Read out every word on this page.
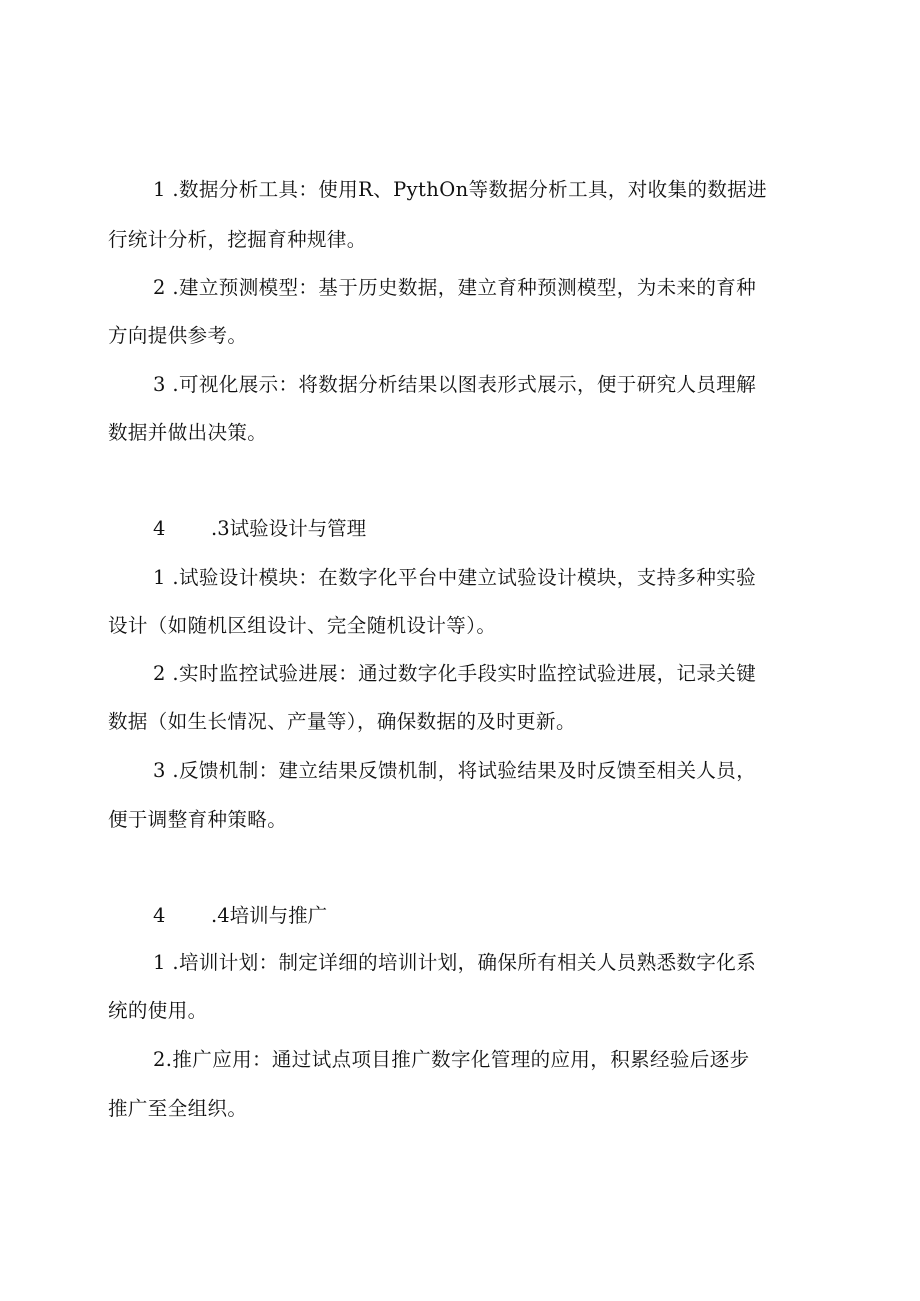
1 .数据分析工具：使用R、PythOn等数据分析工具，对收集的数据进
行统计分析，挖掘育种规律。
2 .建立预测模型：基于历史数据，建立育种预测模型，为未来的育种
方向提供参考。
3 .可视化展示：将数据分析结果以图表形式展示，便于研究人员理解
数据并做出决策。
4 .3试验设计与管理
1 .试验设计模块：在数字化平台中建立试验设计模块，支持多种实验
设计（如随机区组设计、完全随机设计等）。
2 .实时监控试验进展：通过数字化手段实时监控试验进展，记录关键
数据（如生长情况、产量等），确保数据的及时更新。
3 .反馈机制：建立结果反馈机制，将试验结果及时反馈至相关人员，
便于调整育种策略。
4 .4培训与推广
1 .培训计划：制定详细的培训计划，确保所有相关人员熟悉数字化系
统的使用。
2.推广应用：通过试点项目推广数字化管理的应用，积累经验后逐步
推广至全组织。
